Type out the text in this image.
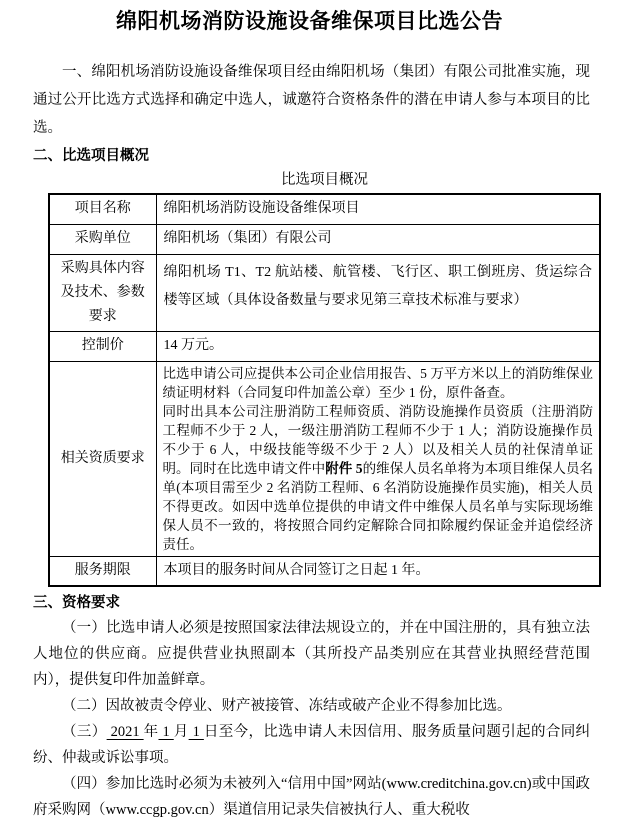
绵阳机场消防设施设备维保项目比选公告

一、绵阳机场消防设施设备维保项目经由绵阳机场（集团）有限公司批准实施，现通过公开比选方式选择和确定中选人，诚邀符合资格条件的潜在申请人参与本项目的比选。

二、比选项目概况
比选项目概况
项目名称	绵阳机场消防设施设备维保项目

采购单位	绵阳机场（集团）有限公司

采购具体内容及技术、参数要求	绵阳机场 T1、T2 航站楼、航管楼、飞行区、职工倒班房、货运综合楼等区域（具体设备数量与要求见第三章技术标准与要求）

控制价	14 万元。

相关资质要求	比选申请公司应提供本公司企业信用报告、5 万平方米以上的消防维保业绩证明材料（合同复印件加盖公章）至少 1 份，原件备查。
同时出具本公司注册消防工程师资质、消防设施操作员资质（注册消防工程师不少于 2 人，一级注册消防工程师不少于 1 人；消防设施操作员不少于 6 人，中级技能等级不少于 2 人）以及相关人员的社保清单证明。同时在比选申请文件中附件 5的维保人员名单将为本项目维保人员名单(本项目需至少 2 名消防工程师、6 名消防设施操作员实施)，相关人员不得更改。如因中选单位提供的申请文件中维保人员名单与实际现场维保人员不一致的，将按照合同约定解除合同扣除履约保证金并追偿经济责任。

服务期限	本项目的服务时间从合同签订之日起 1 年。
三、资格要求

（一）比选申请人必须是按照国家法律法规设立的，并在中国注册的，具有独立法人地位的供应商。应提供营业执照副本（其所投产品类别应在其营业执照经营范围内），提供复印件加盖鲜章。

（二）因故被责令停业、财产被接管、冻结或破产企业不得参加比选。

（三） 2021 年 1 月 1 日至今，比选申请人未因信用、服务质量问题引起的合同纠纷、仲裁或诉讼事项。

（四）参加比选时必须为未被列入“信用中国”网站(www.creditchina.gov.cn)或中国政府采购网（www.ccgp.gov.cn）渠道信用记录失信被执行人、重大税收
